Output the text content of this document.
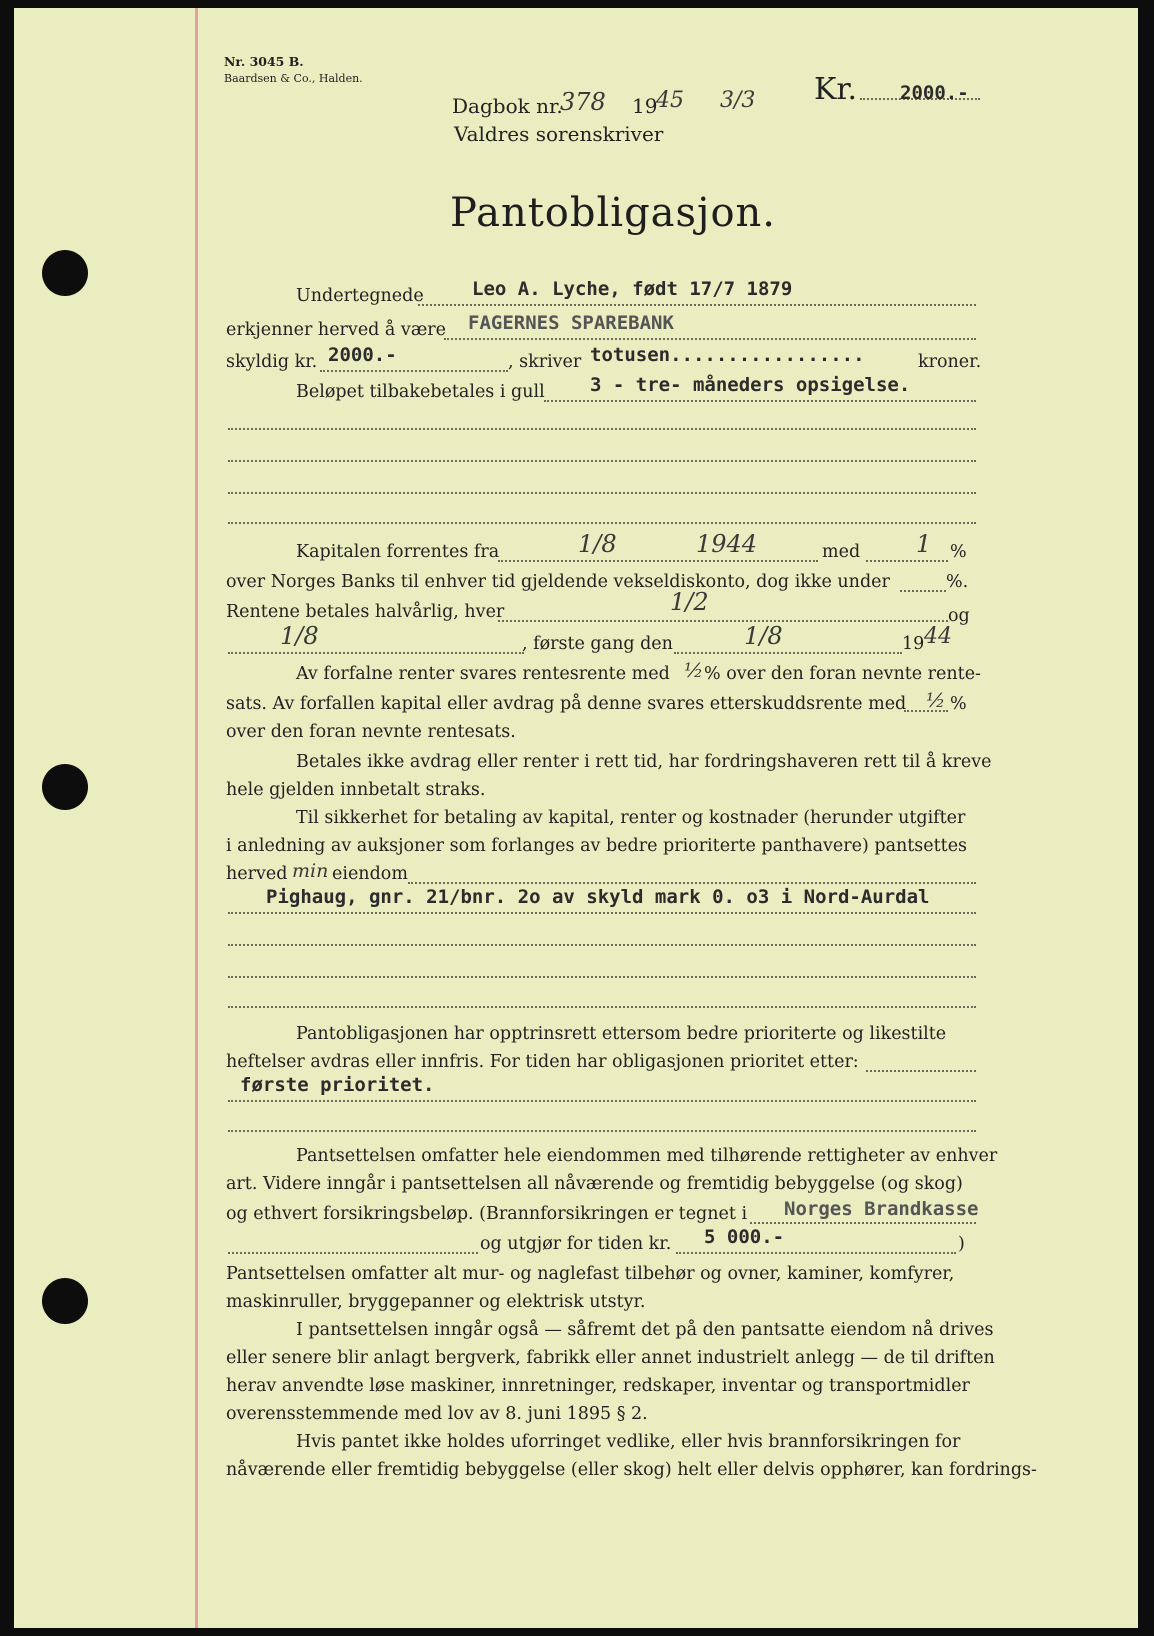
Nr. 3045 B.
Baardsen & Co., Halden.
Dagbok nr.
378 19
45 3/3
Valdres sorenskriver
Kr. 2000.-
Pantobligasjon.
Undertegnede	Leo A. Lyche, født 17/7 1879
erkjenner herved å være FAGERNES SPAREBANK
skyldig kr. 2000.-	, skriver totusen.................	kroner.
Beløpet tilbakebetales i gull 3 - tre- måneders opsigelse.
Kapitalen forrentes fra	1/8	1944	med 1 %
over Norges Banks til enhver tid gjeldende vekseldiskonto, dog ikke under	%.
Rentene betales halvårlig, hver	1/2	og
1/8	, første gang den	1/8	19 44
Av forfalne renter svares rentesrente med ½ % over den foran nevnte rente-
sats. Av forfallen kapital eller avdrag på denne svares etterskuddsrente med ½ %
over den foran nevnte rentesats.
Betales ikke avdrag eller renter i rett tid, har fordringshaveren rett til å kreve
hele gjelden innbetalt straks.
Til sikkerhet for betaling av kapital, renter og kostnader (herunder utgifter
i anledning av auksjoner som forlanges av bedre prioriterte panthavere) pantsettes
herved min eiendom
Pighaug, gnr. 21/bnr. 2o av skyld mark 0. o3 i Nord-Aurdal
Pantobligasjonen har opptrinsrett ettersom bedre prioriterte og likestilte
heftelser avdras eller innfris. For tiden har obligasjonen prioritet etter:
første prioritet.
Pantsettelsen omfatter hele eiendommen med tilhørende rettigheter av enhver
art. Videre inngår i pantsettelsen all nåværende og fremtidig bebyggelse (og skog)
og ethvert forsikringsbeløp. (Brannforsikringen er tegnet i Norges Brandkasse
og utgjør for tiden kr. 5 000.-	)
Pantsettelsen omfatter alt mur- og naglefast tilbehør og ovner, kaminer, komfyrer,
maskinruller, bryggepanner og elektrisk utstyr.
I pantsettelsen inngår også — såfremt det på den pantsatte eiendom nå drives
eller senere blir anlagt bergverk, fabrikk eller annet industrielt anlegg — de til driften
herav anvendte løse maskiner, innretninger, redskaper, inventar og transportmidler
overensstemmende med lov av 8. juni 1895 § 2.
Hvis pantet ikke holdes uforringet vedlike, eller hvis brannforsikringen for
nåværende eller fremtidig bebyggelse (eller skog) helt eller delvis opphører, kan fordrings-
